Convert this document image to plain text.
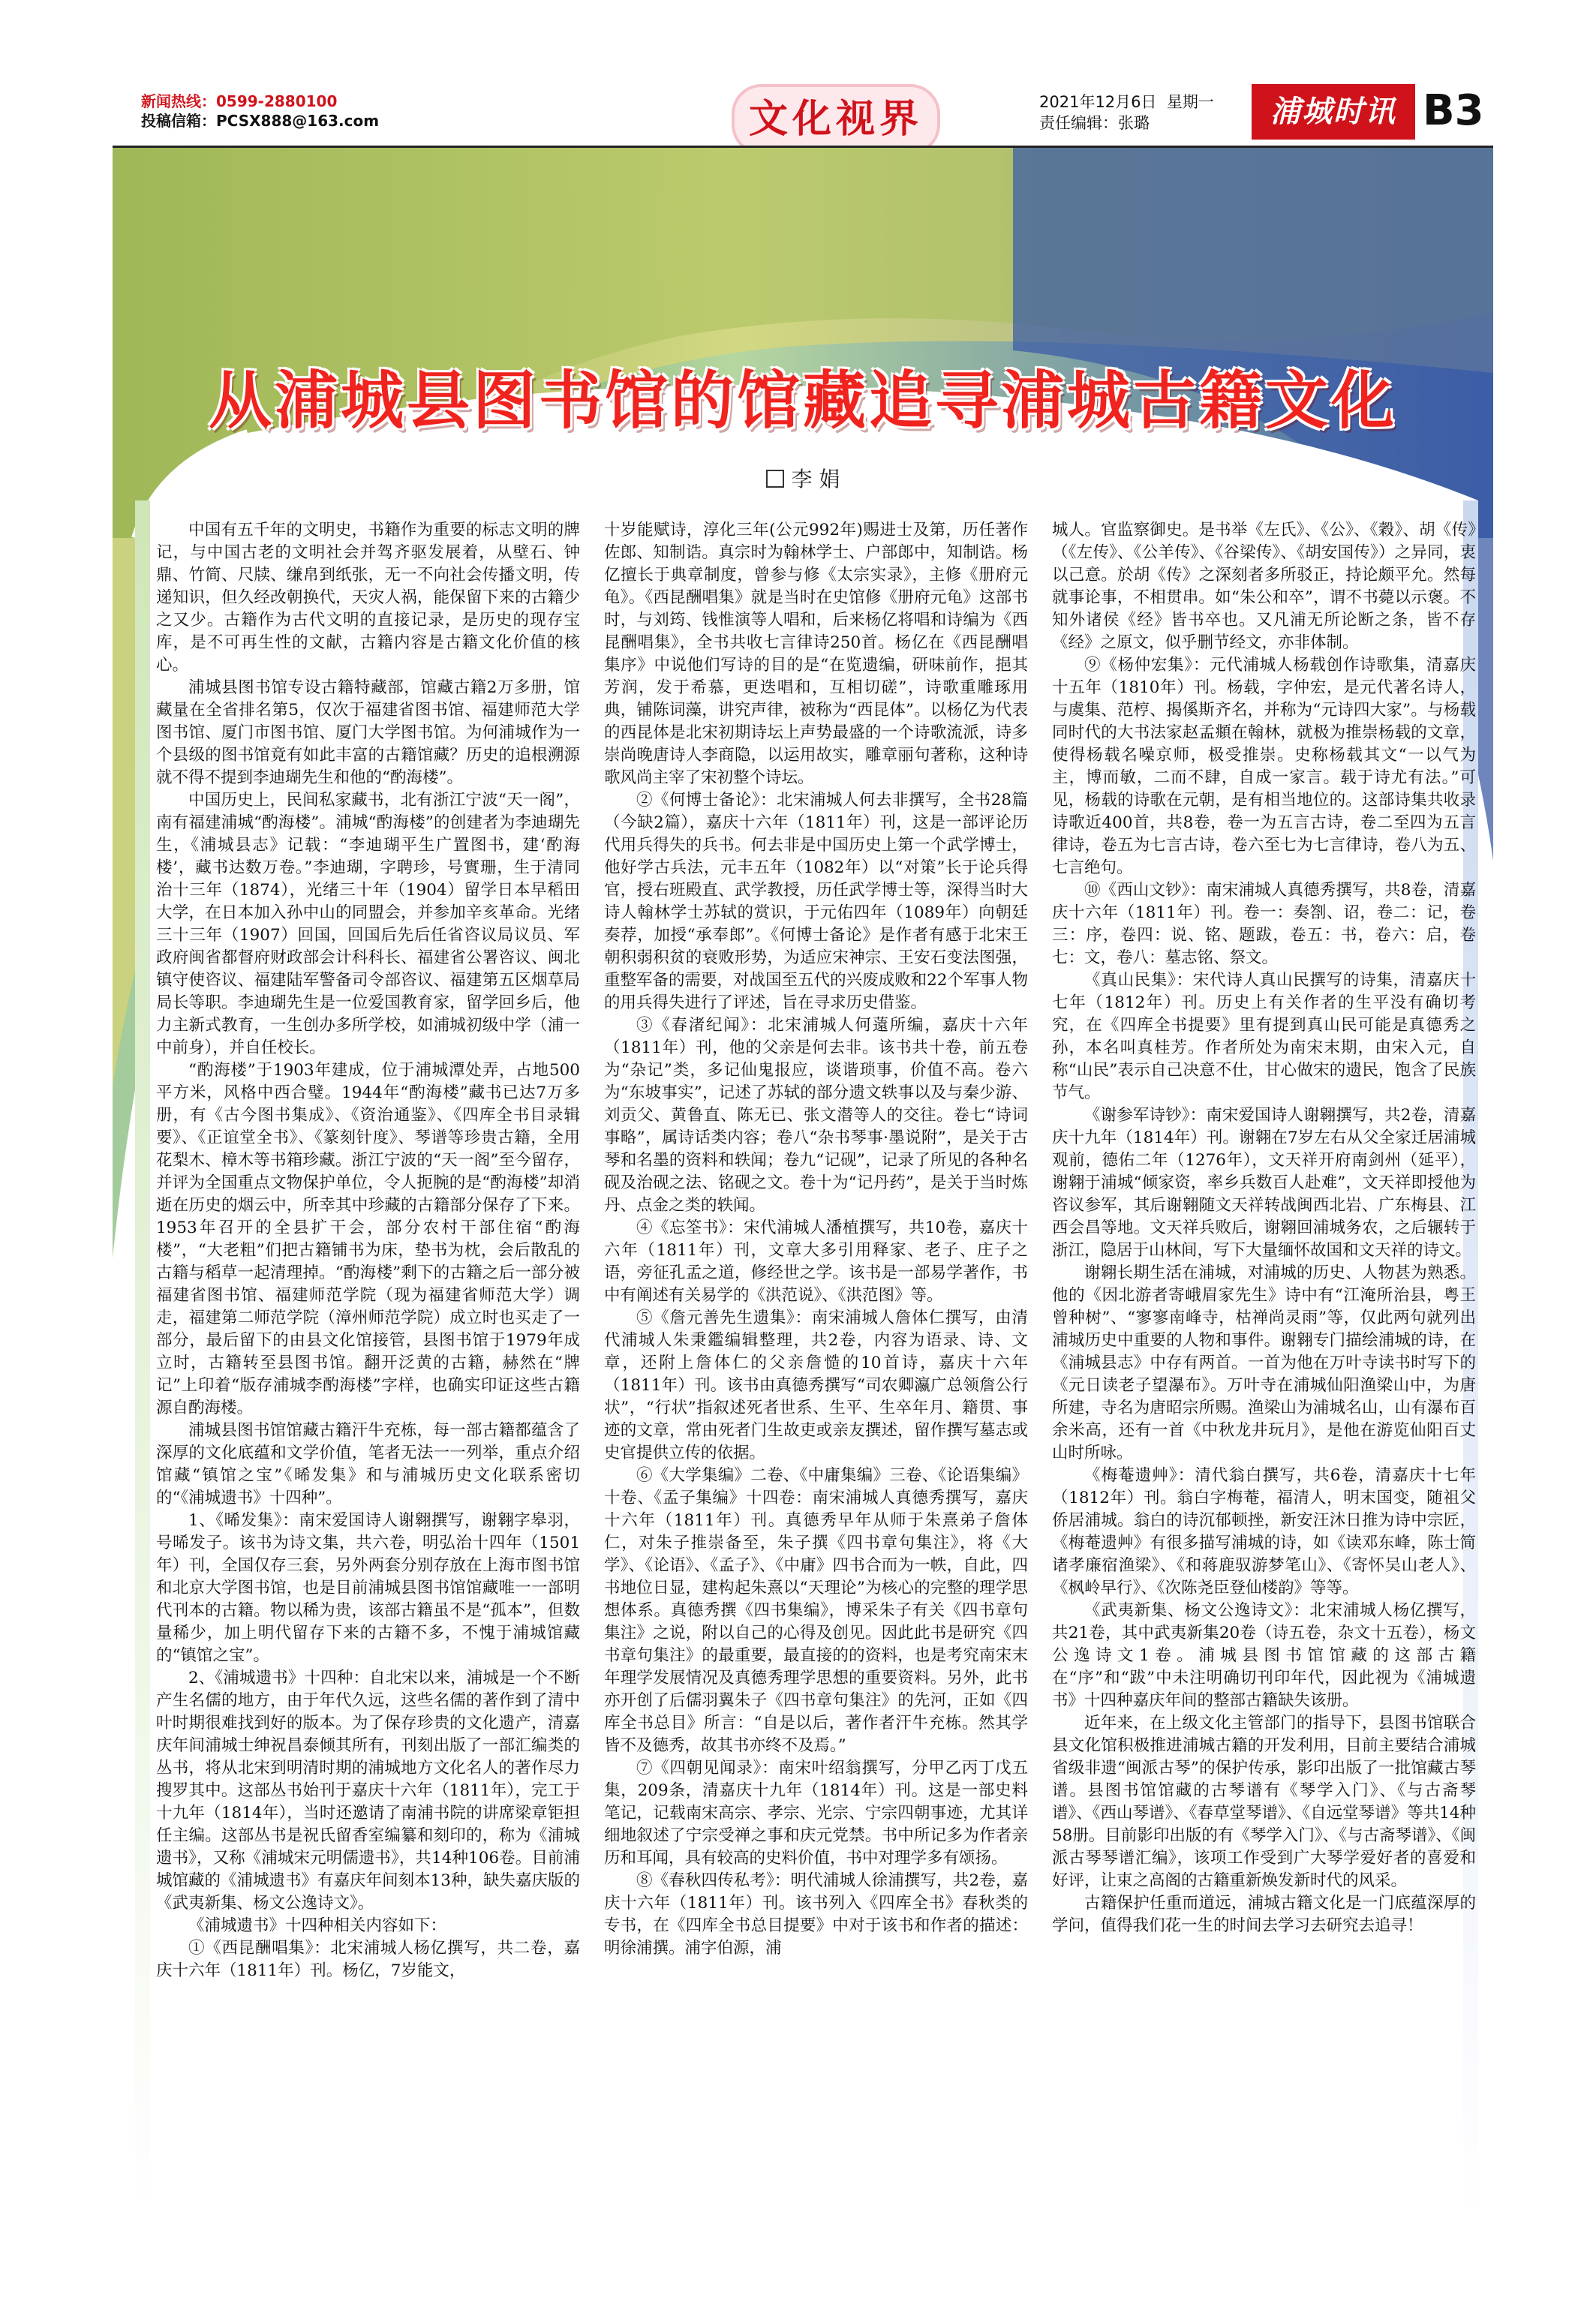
新闻热线：0599-2880100
投稿信箱：PCSX888@163.com	文化视界	2021年12月6日 星期一
责任编辑：张璐	浦城时讯 B3
从浦城县图书馆的馆藏追寻浦城古籍文化
李 娟

中国有五千年的文明史，书籍作为重要的标志文明的牌记，与中国古老的文明社会并驾齐驱发展着，从壁石、钟鼎、竹简、尺牍、缣帛到纸张，无一不向社会传播文明，传递知识，但久经改朝换代，天灾人祸，能保留下来的古籍少之又少。古籍作为古代文明的直接记录，是历史的现存宝库，是不可再生性的文献，古籍内容是古籍文化价值的核心。

浦城县图书馆专设古籍特藏部，馆藏古籍2万多册，馆藏量在全省排名第5，仅次于福建省图书馆、福建师范大学图书馆、厦门市图书馆、厦门大学图书馆。为何浦城作为一个县级的图书馆竟有如此丰富的古籍馆藏？历史的追根溯源就不得不提到李迪瑚先生和他的“酌海楼”。

中国历史上，民间私家藏书，北有浙江宁波“天一阁”，南有福建浦城“酌海楼”。浦城“酌海楼”的创建者为李迪瑚先生，《浦城县志》记载：“李迪瑚平生广置图书，建‘酌海楼’，藏书达数万卷。”李迪瑚，字聘珍，号實珊，生于清同治十三年（1874），光绪三十年（1904）留学日本早稻田大学，在日本加入孙中山的同盟会，并参加辛亥革命。光绪三十三年（1907）回国，回国后先后任省咨议局议员、军政府闽省都督府财政部会计科科长、福建省公署咨议、闽北镇守使咨议、福建陆军警备司令部咨议、福建第五区烟草局局长等职。李迪瑚先生是一位爱国教育家，留学回乡后，他力主新式教育，一生创办多所学校，如浦城初级中学（浦一中前身），并自任校长。

“酌海楼”于1903年建成，位于浦城潭处弄，占地500平方米，风格中西合璧。1944年“酌海楼”藏书已达7万多册，有《古今图书集成》、《资治通鉴》、《四库全书目录辑要》、《正谊堂全书》、《篆刻针度》、琴谱等珍贵古籍，全用花梨木、樟木等书箱珍藏。浙江宁波的“天一阁”至今留存，并评为全国重点文物保护单位，令人扼腕的是“酌海楼”却消逝在历史的烟云中，所幸其中珍藏的古籍部分保存了下来。1953年召开的全县扩干会，部分农村干部住宿“酌海楼”，“大老粗”们把古籍铺书为床，垫书为枕，会后散乱的古籍与稻草一起清理掉。“酌海楼”剩下的古籍之后一部分被福建省图书馆、福建师范学院（现为福建省师范大学）调走，福建第二师范学院（漳州师范学院）成立时也买走了一部分，最后留下的由县文化馆接管，县图书馆于1979年成立时，古籍转至县图书馆。翻开泛黄的古籍，赫然在“牌记”上印着“版存浦城李酌海楼”字样，也确实印证这些古籍源自酌海楼。

浦城县图书馆馆藏古籍汗牛充栋，每一部古籍都蕴含了深厚的文化底蕴和文学价值，笔者无法一一列举，重点介绍馆藏“镇馆之宝”《晞发集》和与浦城历史文化联系密切的“《浦城遗书》十四种”。

1、《晞发集》：南宋爱国诗人谢翱撰写，谢翱字皋羽，号晞发子。该书为诗文集，共六卷，明弘治十四年（1501年）刊，全国仅存三套，另外两套分别存放在上海市图书馆和北京大学图书馆，也是目前浦城县图书馆馆藏唯一一部明代刊本的古籍。物以稀为贵，该部古籍虽不是“孤本”，但数量稀少，加上明代留存下来的古籍不多，不愧于浦城馆藏的“镇馆之宝”。

2、《浦城遗书》十四种：自北宋以来，浦城是一个不断产生名儒的地方，由于年代久远，这些名儒的著作到了清中叶时期很难找到好的版本。为了保存珍贵的文化遗产，清嘉庆年间浦城士绅祝昌泰倾其所有，刊刻出版了一部汇编类的丛书，将从北宋到明清时期的浦城地方文化名人的著作尽力搜罗其中。这部丛书始刊于嘉庆十六年（1811年），完工于十九年（1814年），当时还邀请了南浦书院的讲席梁章钜担任主编。这部丛书是祝氏留香室编纂和刻印的，称为《浦城遗书》，又称《浦城宋元明儒遗书》，共14种106卷。目前浦城馆藏的《浦城遗书》有嘉庆年间刻本13种，缺失嘉庆版的《武夷新集、杨文公逸诗文》。

《浦城遗书》十四种相关内容如下：

①《西昆酬唱集》：北宋浦城人杨亿撰写，共二卷，嘉庆十六年（1811年）刊。杨亿，7岁能文，

十岁能赋诗，淳化三年(公元992年)赐进士及第，历任著作佐郎、知制诰。真宗时为翰林学士、户部郎中，知制诰。杨亿擅长于典章制度，曾参与修《太宗实录》，主修《册府元龟》。《西昆酬唱集》就是当时在史馆修《册府元龟》这部书时，与刘筠、钱惟演等人唱和，后来杨亿将唱和诗编为《西昆酬唱集》，全书共收七言律诗250首。杨亿在《西昆酬唱集序》中说他们写诗的目的是“在览遗编，研味前作，挹其芳润，发于希慕，更迭唱和，互相切磋”，诗歌重雕琢用典，铺陈词藻，讲究声律，被称为“西昆体”。以杨亿为代表的西昆体是北宋初期诗坛上声势最盛的一个诗歌流派，诗多崇尚晚唐诗人李商隐，以运用故实，雕章丽句著称，这种诗歌风尚主宰了宋初整个诗坛。

②《何博士备论》：北宋浦城人何去非撰写，全书28篇（今缺2篇），嘉庆十六年（1811年）刊，这是一部评论历代用兵得失的兵书。何去非是中国历史上第一个武学博士，他好学古兵法，元丰五年（1082年）以“对策”长于论兵得官，授右班殿直、武学教授，历任武学博士等，深得当时大诗人翰林学士苏轼的赏识，于元佑四年（1089年）向朝廷奏荐，加授“承奉郎”。《何博士备论》是作者有感于北宋王朝积弱积贫的衰败形势，为适应宋神宗、王安石变法图强，重整军备的需要，对战国至五代的兴废成败和22个军事人物的用兵得失进行了评述，旨在寻求历史借鉴。

③《春渚纪闻》：北宋浦城人何薳所编，嘉庆十六年（1811年）刊，他的父亲是何去非。该书共十卷，前五卷为“杂记”类，多记仙鬼报应，谈谐琐事，价值不高。卷六为“东坡事实”，记述了苏轼的部分遗文轶事以及与秦少游、刘贡父、黄鲁直、陈无已、张文潜等人的交往。卷七“诗词事略”，属诗话类内容；卷八“杂书琴事·墨说附”，是关于古琴和名墨的资料和轶闻；卷九“记砚”，记录了所见的各种名砚及治砚之法、铭砚之文。卷十为“记丹药”，是关于当时炼丹、点金之类的轶闻。

④《忘筌书》：宋代浦城人潘植撰写，共10卷，嘉庆十六年（1811年）刊，文章大多引用释家、老子、庄子之语，旁征孔孟之道，修经世之学。该书是一部易学著作，书中有阐述有关易学的《洪范说》、《洪范图》等。

⑤《詹元善先生遗集》：南宋浦城人詹体仁撰写，由清代浦城人朱秉鑑编辑整理，共2卷，内容为语录、诗、文章，还附上詹体仁的父亲詹慥的10首诗，嘉庆十六年（1811年）刊。该书由真德秀撰写“司农卿瀛广总领詹公行状”，“行状”指叙述死者世系、生平、生卒年月、籍贯、事迹的文章，常由死者门生故吏或亲友撰述，留作撰写墓志或史官提供立传的依据。

⑥《大学集编》二卷、《中庸集编》三卷、《论语集编》十卷、《孟子集编》十四卷：南宋浦城人真德秀撰写，嘉庆十六年（1811年）刊。真德秀早年从师于朱熹弟子詹体仁，对朱子推崇备至，朱子撰《四书章句集注》，将《大学》、《论语》、《孟子》、《中庸》四书合而为一帙，自此，四书地位日显，建构起朱熹以“天理论”为核心的完整的理学思想体系。真德秀撰《四书集编》，博采朱子有关《四书章句集注》之说，附以自己的心得及创见。因此此书是研究《四书章句集注》的最重要，最直接的的资料，也是考究南宋末年理学发展情况及真德秀理学思想的重要资料。另外，此书亦开创了后儒羽翼朱子《四书章句集注》的先河，正如《四库全书总目》所言：“自是以后，著作者汗牛充栋。然其学皆不及德秀，故其书亦终不及焉。”

⑦《四朝见闻录》：南宋叶绍翁撰写，分甲乙丙丁戊五集，209条，清嘉庆十九年（1814年）刊。这是一部史料笔记，记载南宋高宗、孝宗、光宗、宁宗四朝事迹，尤其详细地叙述了宁宗受禅之事和庆元党禁。书中所记多为作者亲历和耳闻，具有较高的史料价值，书中对理学多有颂扬。

⑧《春秋四传私考》：明代浦城人徐浦撰写，共2卷，嘉庆十六年（1811年）刊。该书列入《四库全书》春秋类的专书，在《四库全书总目提要》中对于该书和作者的描述：明徐浦撰。浦字伯源，浦

城人。官监察御史。是书举《左氏》、《公》、《穀》、胡《传》（《左传》、《公羊传》、《谷梁传》、《胡安国传》）之异同，衷以己意。於胡《传》之深刻者多所驳正，持论颇平允。然每就事论事，不相贯串。如“朱公和卒”，谓不书薨以示褒。不知外诸侯《经》皆书卒也。又凡浦无所论断之条，皆不存《经》之原文，似乎删节经文，亦非体制。

⑨《杨仲宏集》：元代浦城人杨载创作诗歌集，清嘉庆十五年（1810年）刊。杨载，字仲宏，是元代著名诗人，与虞集、范梈、揭傒斯齐名，并称为“元诗四大家”。与杨载同时代的大书法家赵孟頫在翰林，就极为推崇杨载的文章，使得杨载名噪京师，极受推崇。史称杨载其文“一以气为主，博而敏，二而不肆，自成一家言。载于诗尤有法。”可见，杨载的诗歌在元朝，是有相当地位的。这部诗集共收录诗歌近400首，共8卷，卷一为五言古诗，卷二至四为五言律诗，卷五为七言古诗，卷六至七为七言律诗，卷八为五、七言绝句。

⑩《西山文钞》：南宋浦城人真德秀撰写，共8卷，清嘉庆十六年（1811年）刊。卷一：奏劄、诏，卷二：记，卷三：序，卷四：说、铭、题跋，卷五：书，卷六：启，卷七：文，卷八：墓志铭、祭文。

《真山民集》：宋代诗人真山民撰写的诗集，清嘉庆十七年（1812年）刊。历史上有关作者的生平没有确切考究，在《四库全书提要》里有提到真山民可能是真德秀之孙，本名叫真桂芳。作者所处为南宋末期，由宋入元，自称“山民”表示自己决意不仕，甘心做宋的遗民，饱含了民族节气。

《谢参军诗钞》：南宋爱国诗人谢翱撰写，共2卷，清嘉庆十九年（1814年）刊。谢翱在7岁左右从父全家迁居浦城观前，德佑二年（1276年），文天祥开府南剑州（延平），谢翱于浦城“倾家资，率乡兵数百人赴难”，文天祥即授他为咨议参军，其后谢翱随文天祥转战闽西北岩、广东梅县、江西会昌等地。文天祥兵败后，谢翱回浦城务农，之后辗转于浙江，隐居于山林间，写下大量缅怀故国和文天祥的诗文。

谢翱长期生活在浦城，对浦城的历史、人物甚为熟悉。他的《因北游者寄峨眉家先生》诗中有“江淹所治县，粤王曾种树”、“寥寥南峰寺，枯禅尚灵雨”等，仅此两句就列出浦城历史中重要的人物和事件。谢翱专门描绘浦城的诗，在《浦城县志》中存有两首。一首为他在万叶寺读书时写下的《元日读老子望瀑布》。万叶寺在浦城仙阳渔梁山中，为唐所建，寺名为唐昭宗所赐。渔梁山为浦城名山，山有瀑布百余米高，还有一首《中秋龙井玩月》，是他在游览仙阳百丈山时所咏。

《梅菴遗艸》：清代翁白撰写，共6卷，清嘉庆十七年（1812年）刊。翁白字梅菴，福清人，明末国变，随祖父侨居浦城。翁白的诗沉郁顿挫，新安汪沐日推为诗中宗匠，《梅菴遗艸》有很多描写浦城的诗，如《读邓东峰，陈士简诸孝廉宿渔梁》、《和蒋鹿驭游梦笔山》、《寄怀吴山老人》、《枫岭早行》、《次陈尧臣登仙楼韵》等等。

《武夷新集、杨文公逸诗文》：北宋浦城人杨亿撰写，共21卷，其中武夷新集20卷（诗五卷，杂文十五卷），杨文公逸诗文1卷。浦城县图书馆馆藏的这部古籍在“序”和“跋”中未注明确切刊印年代，因此视为《浦城遗书》十四种嘉庆年间的整部古籍缺失该册。

近年来，在上级文化主管部门的指导下，县图书馆联合县文化馆积极推进浦城古籍的开发利用，目前主要结合浦城省级非遗“闽派古琴”的保护传承，影印出版了一批馆藏古琴谱。县图书馆馆藏的古琴谱有《琴学入门》、《与古斋琴谱》、《西山琴谱》、《春草堂琴谱》、《自远堂琴谱》等共14种58册。目前影印出版的有《琴学入门》、《与古斋琴谱》、《闽派古琴琴谱汇编》，该项工作受到广大琴学爱好者的喜爱和好评，让束之高阁的古籍重新焕发新时代的风采。

古籍保护任重而道远，浦城古籍文化是一门底蕴深厚的学问，值得我们花一生的时间去学习去研究去追寻！
